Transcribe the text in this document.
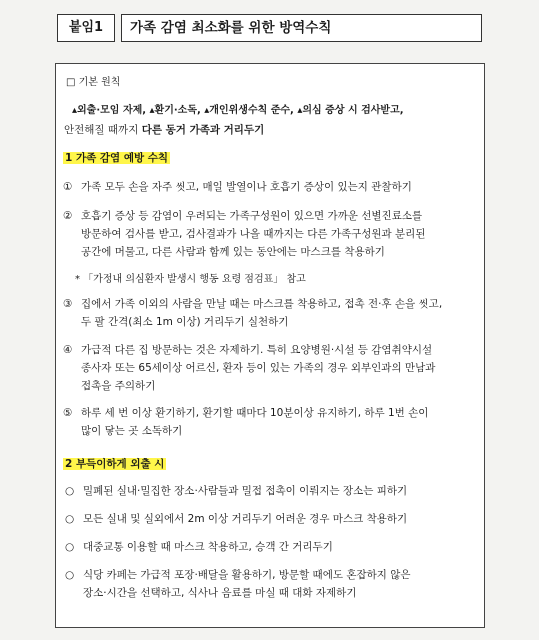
붙임1	가족 감염 최소화를 위한 방역수칙
□ 기본 원칙
▴외출·모임 자제, ▴환기·소독, ▴개인위생수칙 준수, ▴의심 증상 시 검사받고,
안전해질 때까지 다른 동거 가족과 거리두기
1 가족 감염 예방 수칙
① 가족 모두 손을 자주 씻고, 매일 발열이나 호흡기 증상이 있는지 관찰하기
② 호흡기 증상 등 감염이 우려되는 가족구성원이 있으면 가까운 선별진료소를
방문하여 검사를 받고, 검사결과가 나올 때까지는 다른 가족구성원과 분리된
공간에 머물고, 다른 사람과 함께 있는 동안에는 마스크를 착용하기
* 「가정내 의심환자 발생시 행동 요령 점검표」 참고
③ 집에서 가족 이외의 사람을 만날 때는 마스크를 착용하고, 접촉 전·후 손을 씻고,
두 팔 간격(최소 1m 이상) 거리두기 실천하기
④ 가급적 다른 집 방문하는 것은 자제하기. 특히 요양병원·시설 등 감염취약시설
종사자 또는 65세이상 어르신, 환자 등이 있는 가족의 경우 외부인과의 만남과
접촉을 주의하기
⑤ 하루 세 번 이상 환기하기, 환기할 때마다 10분이상 유지하기, 하루 1번 손이
많이 닿는 곳 소독하기
2 부득이하게 외출 시
○ 밀폐된 실내·밀집한 장소·사람들과 밀접 접촉이 이뤄지는 장소는 피하기
○ 모든 실내 및 실외에서 2m 이상 거리두기 어려운 경우 마스크 착용하기
○ 대중교통 이용할 때 마스크 착용하고, 승객 간 거리두기
○ 식당 카페는 가급적 포장·배달을 활용하기, 방문할 때에도 혼잡하지 않은
장소·시간을 선택하고, 식사나 음료를 마실 때 대화 자제하기
